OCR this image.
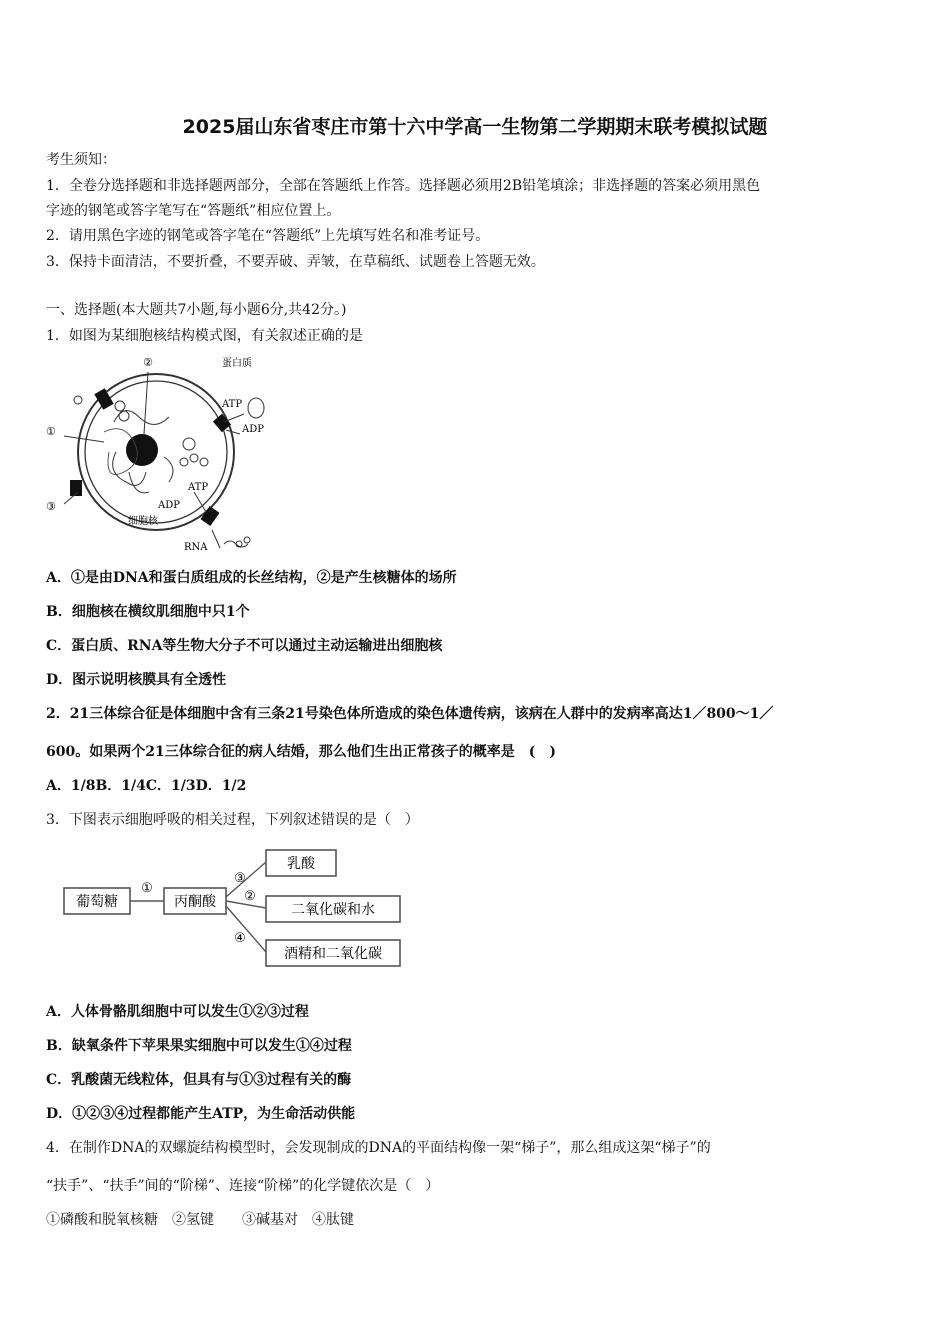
2025届山东省枣庄市第十六中学高一生物第二学期期末联考模拟试题
考生须知：
1．全卷分选择题和非选择题两部分，全部在答题纸上作答。选择题必须用2B铅笔填涂；非选择题的答案必须用黑色
字迹的钢笔或答字笔写在“答题纸”相应位置上。
2．请用黑色字迹的钢笔或答字笔在“答题纸”上先填写姓名和准考证号。
3．保持卡面清洁，不要折叠，不要弄破、弄皱，在草稿纸、试题卷上答题无效。
一、选择题(本大题共7小题,每小题6分,共42分。)
1．如图为某细胞核结构模式图，有关叙述正确的是
②	蛋白质
ATP
ADP
①
③
ATP
ADP
细胞核
RNA
A．①是由DNA和蛋白质组成的长丝结构，②是产生核糖体的场所
B．细胞核在横纹肌细胞中只1个
C．蛋白质、RNA等生物大分子不可以通过主动运输进出细胞核
D．图示说明核膜具有全透性
2．21三体综合征是体细胞中含有三条21号染色体所造成的染色体遗传病，该病在人群中的发病率高达1／800～1／
600。如果两个21三体综合征的病人结婚，那么他们生出正常孩子的概率是　(　)
A．1/8B．1/4C．1/3D．1/2
3．下图表示细胞呼吸的相关过程，下列叙述错误的是（　）
葡萄糖
①
丙酮酸
③
②
④
乳酸
二氧化碳和水
酒精和二氧化碳
A．人体骨骼肌细胞中可以发生①②③过程
B．缺氧条件下苹果果实细胞中可以发生①④过程
C．乳酸菌无线粒体，但具有与①③过程有关的酶
D．①②③④过程都能产生ATP，为生命活动供能
4．在制作DNA的双螺旋结构模型时，会发现制成的DNA的平面结构像一架“梯子”，那么组成这架“梯子”的
“扶手”、“扶手”间的“阶梯”、连接“阶梯”的化学键依次是（　）
①磷酸和脱氧核糖　②氢键　　③碱基对　④肽键
